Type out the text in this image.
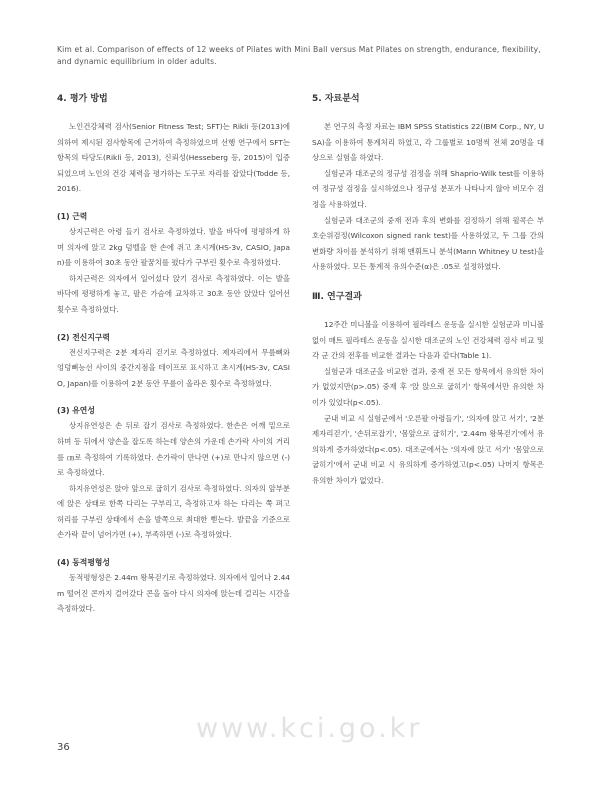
Kim et al. Comparison of effects of 12 weeks of Pilates with Mini Ball versus Mat Pilates on strength, endurance, flexibility, and dynamic equilibrium in older adults.
4. 평가 방법

노인건강체력 검사(Senior Fitness Test; SFT)는 Rikli 등(2013)에 의하여 제시된 검사항목에 근거하여 측정하였으며 선행 연구에서 SFT는 항목의 타당도(Rikli 등, 2013), 신뢰성(Hesseberg 등, 2015)이 입증되었으며 노인의 건강 체력을 평가하는 도구로 자리를 잡았다(Todde 등, 2016).

(1) 근력

상지근력은 아령 들기 검사로 측정하였다. 발을 바닥에 평평하게 하며 의자에 앉고 2kg 덤벨을 한 손에 쥐고 초시계(HS-3v, CASIO, Japan)를 이용하여 30초 동안 팔꿈치를 폈다가 구부린 횟수로 측정하였다.

하지근력은 의자에서 일어섰다 앉기 검사로 측정하였다. 이는 발을 바닥에 평평하게 놓고, 팔은 가슴에 교차하고 30초 동안 앉았다 일어선 횟수로 측정하였다.

(2) 전신지구력

전신지구력은 2분 제자리 걷기로 측정하였다. 제자리에서 무릎뼈와 엉덩뼈능선 사이의 중간지점을 테이프로 표시하고 초시계(HS-3v, CASIO, Japan)를 이용하여 2분 동안 무릎이 올라온 횟수로 측정하였다.

(3) 유연성

상지유연성은 손 뒤로 잡기 검사로 측정하였다. 한손은 어깨 밑으로 하며 등 뒤에서 양손을 잡도록 하는데 양손의 가운데 손가락 사이의 거리를 ㎝로 측정하여 기록하였다. 손가락이 만나면 (+)로 만나지 않으면 (-)로 측정하였다.

하지유연성은 앉아 앞으로 굽히기 검사로 측정하였다. 의자의 앞부분에 앉은 상태로 한쪽 다리는 구부리고, 측정하고자 하는 다리는 쭉 펴고 허리를 구부린 상태에서 손을 발쪽으로 최대한 뻗는다. 발끝을 기준으로 손가락 끝이 넘어가면 (+), 부족하면 (-)로 측정하였다.

(4) 동적평형성

동적평형성은 2.44m 왕복걷기로 측정하였다. 의자에서 일어나 2.44m 떨어진 콘까지 걸어갔다 콘을 돌아 다시 의자에 앉는데 걸리는 시간을 측정하였다.

5. 자료분석

본 연구의 측정 자료는 IBM SPSS Statistics 22(IBM Corp., NY, USA)을 이용하여 통계처리 하였고, 각 그룹별로 10명씩 전체 20명을 대상으로 실험을 하였다.

실험군과 대조군의 정규성 검정을 위해 Shaprio-Wilk test를 이용하여 정규성 검정을 실시하였으나 정규성 분포가 나타나지 않아 비모수 검정을 사용하였다.

실험군과 대조군의 중재 전과 후의 변화를 검정하기 위해 윌콕슨 부호순위검정(Wilcoxon signed rank test)를 사용하였고, 두 그룹 간의 변화량 차이를 분석하기 위해 맨휘트니 분석(Mann Whitney U test)을 사용하였다. 모든 통계적 유의수준(α)은 .05로 설정하였다.

Ⅲ. 연구결과

12주간 미니볼을 이용하여 필라테스 운동을 실시한 실험군과 미니볼 없이 매트 필라테스 운동을 실시한 대조군의 노인 건강체력 검사 비교 및 각 군 간의 전후를 비교한 결과는 다음과 같다(Table 1).

실험군과 대조군을 비교한 결과, 중재 전 모든 항목에서 유의한 차이가 없었지만(p>.05) 중재 후 '앉 앉으로 굽히기' 항목에서만 유의한 차이가 있었다(p<.05).

군내 비교 시 실험군에서 '오른팔 아령들기', '의자에 앉고 서기', '2분 제자리걷기', '손뒤로잡기', '몸앞으로 굽히기', '2.44m 왕복걷기'에서 유의하게 증가하였다(p<.05). 대조군에서는 '의자에 앉고 서기' '몸앞으로 굽히기'에서 군내 비교 시 유의하게 증가하였고(p<.05) 나머지 항목은 유의한 차이가 없었다.

www.kci.go.kr
36
